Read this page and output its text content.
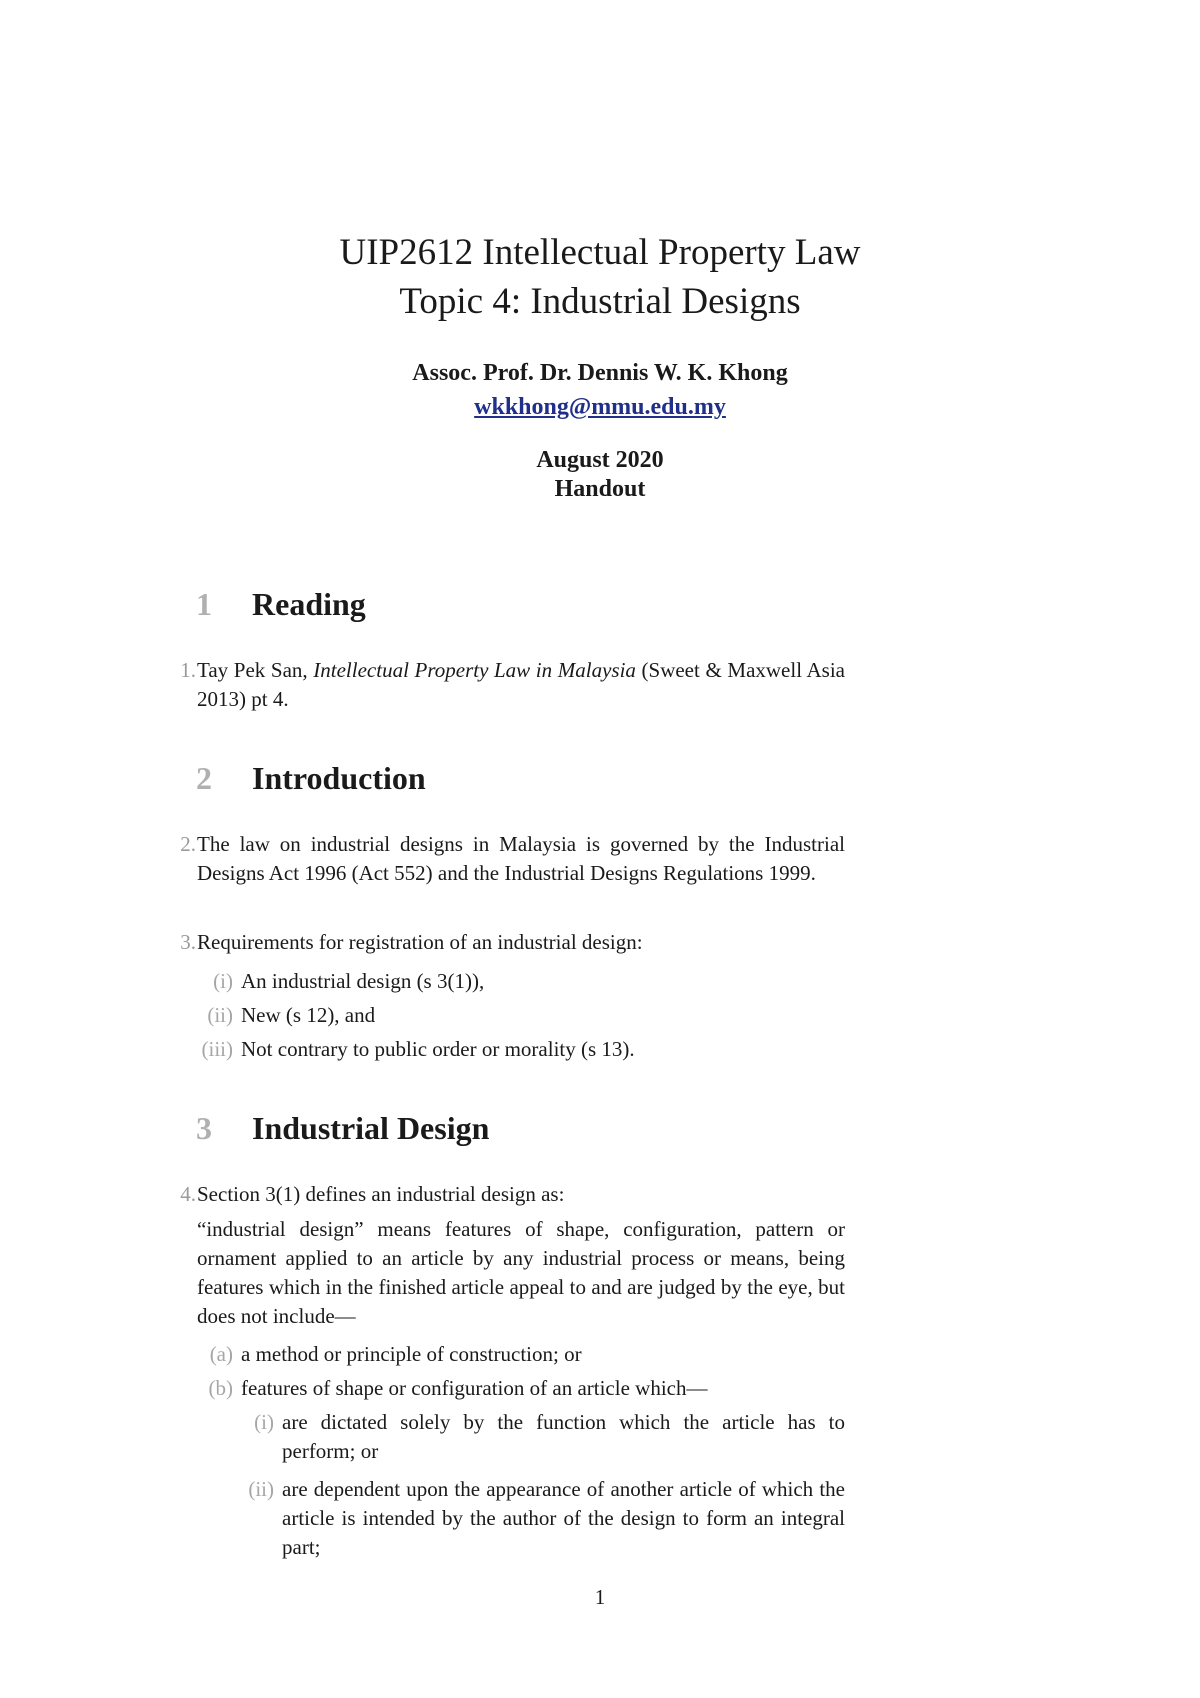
UIP2612 Intellectual Property Law
Topic 4: Industrial Designs
Assoc. Prof. Dr. Dennis W. K. Khong
wkkhong@mmu.edu.my
August 2020
Handout
1 Reading
1. Tay Pek San, Intellectual Property Law in Malaysia (Sweet & Maxwell Asia 2013) pt 4.
2 Introduction
2. The law on industrial designs in Malaysia is governed by the Industrial Designs Act 1996 (Act 552) and the Industrial Designs Regulations 1999.
3. Requirements for registration of an industrial design:
(i) An industrial design (s 3(1)),
(ii) New (s 12), and
(iii) Not contrary to public order or morality (s 13).
3 Industrial Design
4. Section 3(1) defines an industrial design as:
“industrial design” means features of shape, configuration, pattern or ornament applied to an article by any industrial process or means, being features which in the finished article appeal to and are judged by the eye, but does not include—
(a) a method or principle of construction; or
(b) features of shape or configuration of an article which—
(i) are dictated solely by the function which the article has to perform; or
(ii) are dependent upon the appearance of another article of which the article is intended by the author of the design to form an integral part;
1
